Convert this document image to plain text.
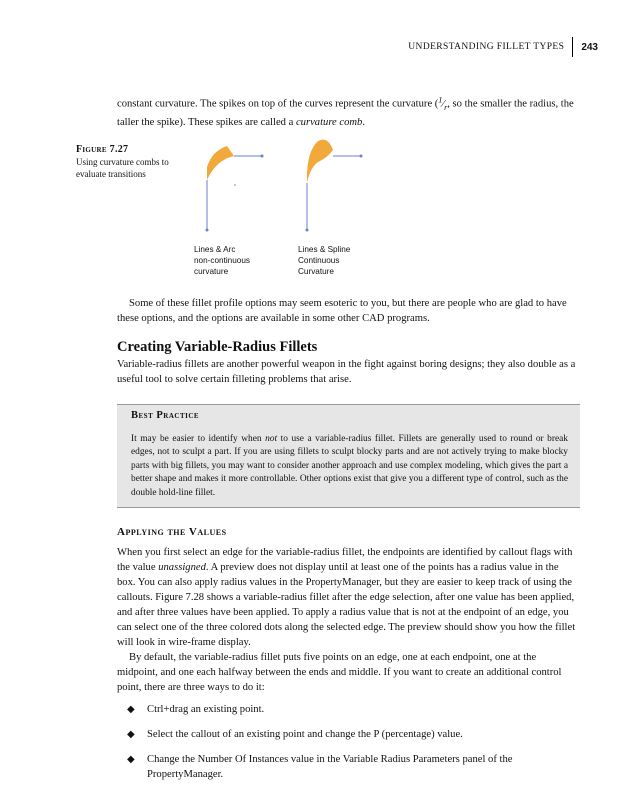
UNDERSTANDING FILLET TYPES 243

constant curvature. The spikes on top of the curves represent the curvature ($^1⁄_r$, so the smaller the radius, the taller the spike). These spikes are called a curvature comb.

Figure 7.27
Using curvature combs to evaluate transitions
Lines & Arc
non-continuous
curvature
Lines & Spline
Continuous
Curvature

Some of these fillet profile options may seem esoteric to you, but there are people who are glad to have these options, and the options are available in some other CAD programs.

Creating Variable-Radius Fillets

Variable-radius fillets are another powerful weapon in the fight against boring designs; they also double as a useful tool to solve certain filleting problems that arise.

Best Practice
It may be easier to identify when not to use a variable-radius fillet. Fillets are generally used to round or break edges, not to sculpt a part. If you are using fillets to sculpt blocky parts and are not actively trying to make blocky parts with big fillets, you may want to consider another approach and use complex modeling, which gives the part a better shape and makes it more controllable. Other options exist that give you a different type of control, such as the double hold-line fillet.
Applying the Values

When you first select an edge for the variable-radius fillet, the endpoints are identified by callout flags with the value unassigned. A preview does not display until at least one of the points has a radius value in the box. You can also apply radius values in the PropertyManager, but they are easier to keep track of using the callouts. Figure 7.28 shows a variable-radius fillet after the edge selection, after one value has been applied, and after three values have been applied. To apply a radius value that is not at the endpoint of an edge, you can select one of the three colored dots along the selected edge. The preview should show you how the fillet will look in wire-frame display.

By default, the variable-radius fillet puts five points on an edge, one at each endpoint, one at the midpoint, and one each halfway between the ends and middle. If you want to create an additional control point, there are three ways to do it:

◆ Ctrl+drag an existing point.
◆ Select the callout of an existing point and change the P (percentage) value.
◆ Change the Number Of Instances value in the Variable Radius Parameters panel of the PropertyManager.
